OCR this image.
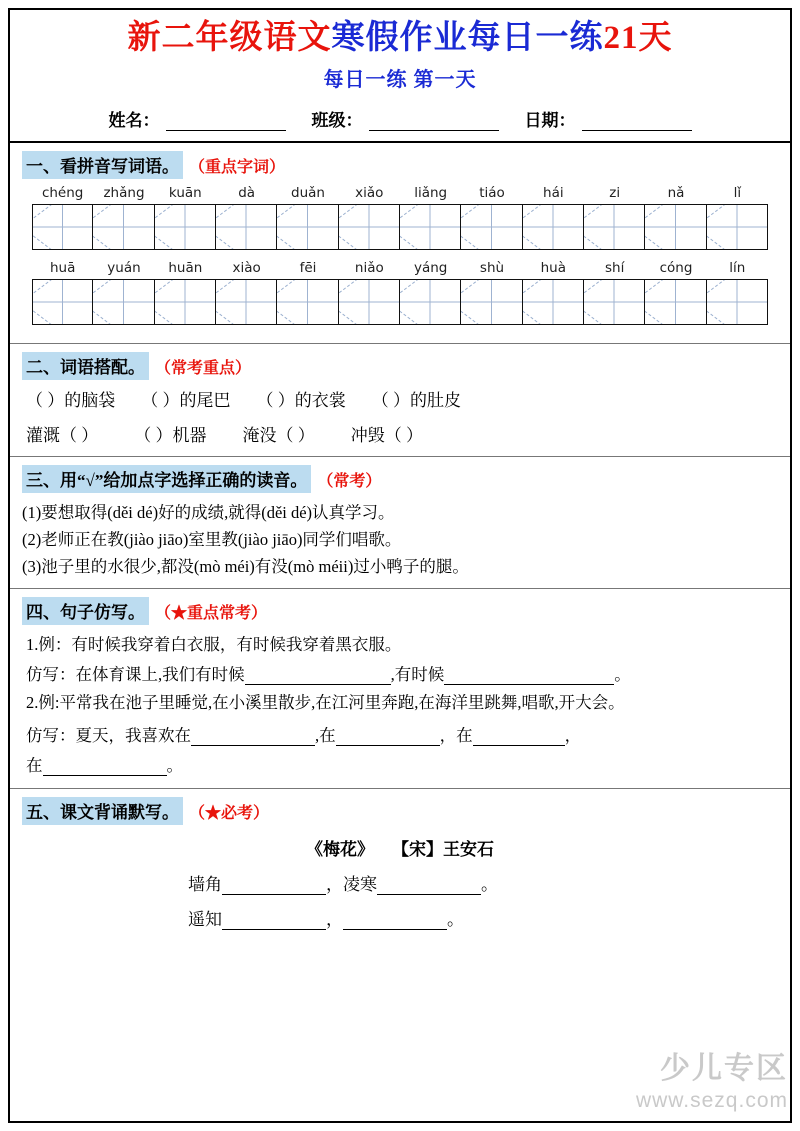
新二年级语文寒假作业每日一练21天
每日一练 第一天
姓名：	班级：	日期：
一、看拼音写词语。 （重点字词）
chéng	zhǎng	kuān	dà	duǎn	xiǎo	liǎng	tiáo	hái	zi	nǎ	lǐ
huā	yuán	huān	xiào	fēi	niǎo	yáng	shù	huà	shí	cóng	lín
二、词语搭配。 （常考重点）
（ ）的脑袋 （ ）的尾巴 （ ）的衣裳 （ ）的肚皮
灌溉（ ） （ ）机器 淹没（ ） 冲毁（ ）
三、用“√”给加点字选择正确的读音。 （常考）
(1)要想取得(děi dé)好的成绩,就得(děi dé)认真学习。
(2)老师正在教(jiào jiāo)室里教(jiào jiāo)同学们唱歌。
(3)池子里的水很少,都没(mò méi)有没(mò méii)过小鸭子的腿。
四、句子仿写。 （★重点常考）
1.例： 有时候我穿着白衣服，有时候我穿着黑衣服。
仿写： 在体育课上,我们有时候	,有时候	。
2.例:平常我在池子里睡觉,在小溪里散步,在江河里奔跑,在海洋里跳舞,唱歌,开大会。
仿写： 夏天，我喜欢在	,在	，在	，
在	。
五、课文背诵默写。 （★必考）
《梅花》 【宋】王安石
墙角	，凌寒	。
遥知	，	。
少儿专区
www.sezq.com
